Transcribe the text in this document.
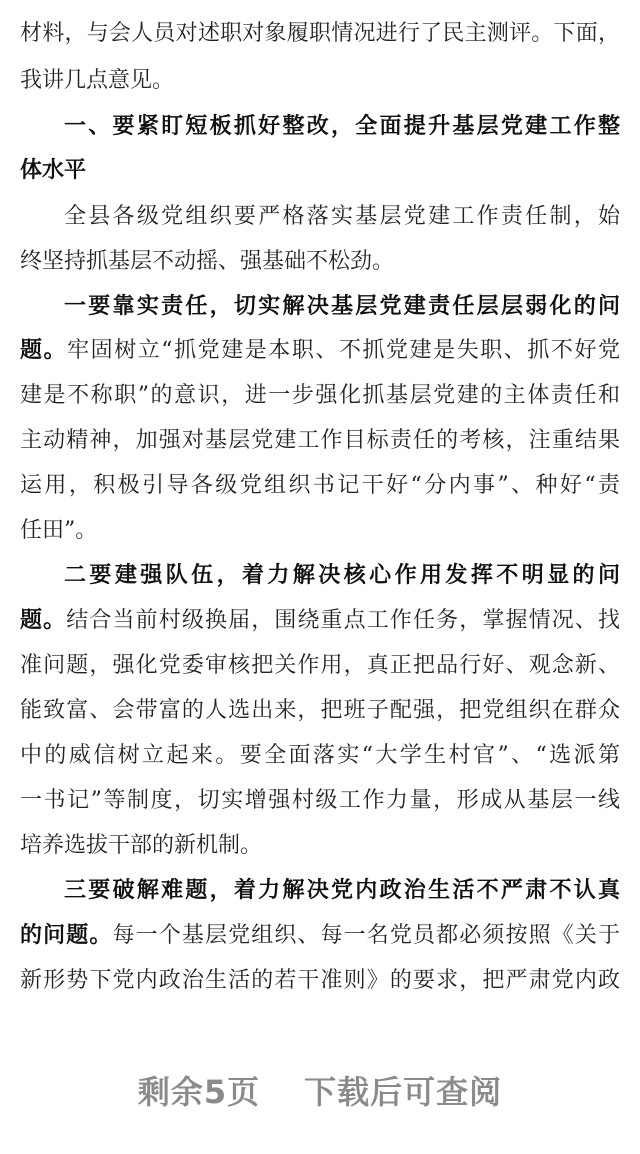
材料，与会人员对述职对象履职情况进行了民主测评。下面，
我讲几点意见。
一、要紧盯短板抓好整改，全面提升基层党建工作整
体水平
全县各级党组织要严格落实基层党建工作责任制，始
终坚持抓基层不动摇、强基础不松劲。
一要靠实责任，切实解决基层党建责任层层弱化的问
题。牢固树立“抓党建是本职、不抓党建是失职、抓不好党
建是不称职”的意识，进一步强化抓基层党建的主体责任和
主动精神，加强对基层党建工作目标责任的考核，注重结果
运用，积极引导各级党组织书记干好“分内事”、种好“责
任田”。
二要建强队伍，着力解决核心作用发挥不明显的问
题。结合当前村级换届，围绕重点工作任务，掌握情况、找
准问题，强化党委审核把关作用，真正把品行好、观念新、
能致富、会带富的人选出来，把班子配强，把党组织在群众
中的威信树立起来。要全面落实“大学生村官”、“选派第
一书记”等制度，切实增强村级工作力量，形成从基层一线
培养选拔干部的新机制。
三要破解难题，着力解决党内政治生活不严肃不认真
的问题。每一个基层党组织、每一名党员都必须按照《关于
新形势下党内政治生活的若干准则》的要求，把严肃党内政
剩余5页 下载后可查阅
